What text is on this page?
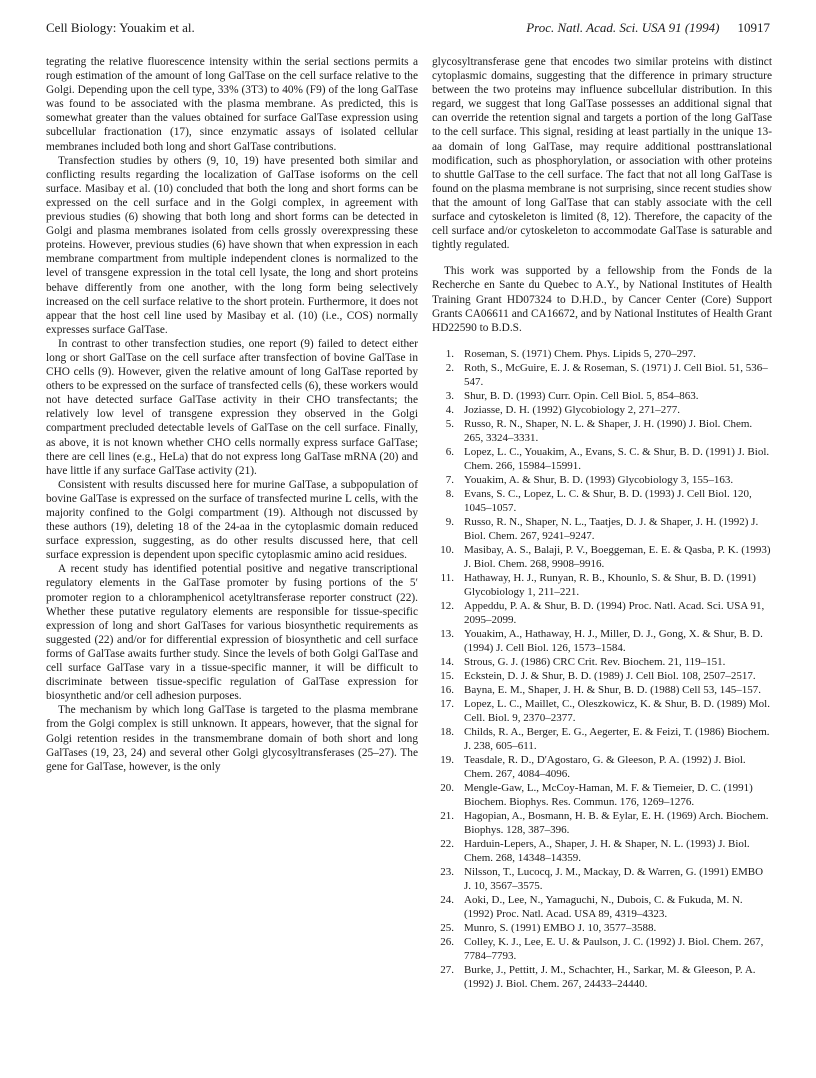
Cell Biology: Youakim et al.	Proc. Natl. Acad. Sci. USA 91 (1994) 10917

tegrating the relative fluorescence intensity within the serial sections permits a rough estimation of the amount of long GalTase on the cell surface relative to the Golgi. Depending upon the cell type, 33% (3T3) to 40% (F9) of the long GalTase was found to be associated with the plasma membrane. As predicted, this is somewhat greater than the values obtained for surface GalTase expression using subcellular fractionation (17), since enzymatic assays of isolated cellular membranes included both long and short GalTase contributions.

Transfection studies by others (9, 10, 19) have presented both similar and conflicting results regarding the localization of GalTase isoforms on the cell surface. Masibay et al. (10) concluded that both the long and short forms can be expressed on the cell surface and in the Golgi complex, in agreement with previous studies (6) showing that both long and short forms can be detected in Golgi and plasma membranes isolated from cells grossly overexpressing these proteins. However, previous studies (6) have shown that when expression in each membrane compartment from multiple independent clones is normalized to the level of transgene expression in the total cell lysate, the long and short proteins behave differently from one another, with the long form being selectively increased on the cell surface relative to the short protein. Furthermore, it does not appear that the host cell line used by Masibay et al. (10) (i.e., COS) normally expresses surface GalTase.

In contrast to other transfection studies, one report (9) failed to detect either long or short GalTase on the cell surface after transfection of bovine GalTase in CHO cells (9). However, given the relative amount of long GalTase reported by others to be expressed on the surface of transfected cells (6), these workers would not have detected surface GalTase activity in their CHO transfectants; the relatively low level of transgene expression they observed in the Golgi compartment precluded detectable levels of GalTase on the cell surface. Finally, as above, it is not known whether CHO cells normally express surface GalTase; there are cell lines (e.g., HeLa) that do not express long GalTase mRNA (20) and have little if any surface GalTase activity (21).

Consistent with results discussed here for murine GalTase, a subpopulation of bovine GalTase is expressed on the surface of transfected murine L cells, with the majority confined to the Golgi compartment (19). Although not discussed by these authors (19), deleting 18 of the 24-aa in the cytoplasmic domain reduced surface expression, suggesting, as do other results discussed here, that cell surface expression is dependent upon specific cytoplasmic amino acid residues.

A recent study has identified potential positive and negative transcriptional regulatory elements in the GalTase promoter by fusing portions of the 5′ promoter region to a chloramphenicol acetyltransferase reporter construct (22). Whether these putative regulatory elements are responsible for tissue-specific expression of long and short GalTases for various biosynthetic requirements as suggested (22) and/or for differential expression of biosynthetic and cell surface forms of GalTase awaits further study. Since the levels of both Golgi GalTase and cell surface GalTase vary in a tissue-specific manner, it will be difficult to discriminate between tissue-specific regulation of GalTase expression for biosynthetic and/or cell adhesion purposes.

The mechanism by which long GalTase is targeted to the plasma membrane from the Golgi complex is still unknown. It appears, however, that the signal for Golgi retention resides in the transmembrane domain of both short and long GalTases (19, 23, 24) and several other Golgi glycosyltransferases (25–27). The gene for GalTase, however, is the only

glycosyltransferase gene that encodes two similar proteins with distinct cytoplasmic domains, suggesting that the difference in primary structure between the two proteins may influence subcellular distribution. In this regard, we suggest that long GalTase possesses an additional signal that can override the retention signal and targets a portion of the long GalTase to the cell surface. This signal, residing at least partially in the unique 13-aa domain of long GalTase, may require additional posttranslational modification, such as phosphorylation, or association with other proteins to shuttle GalTase to the cell surface. The fact that not all long GalTase is found on the plasma membrane is not surprising, since recent studies show that the amount of long GalTase that can stably associate with the cell surface and cytoskeleton is limited (8, 12). Therefore, the capacity of the cell surface and/or cytoskeleton to accommodate GalTase is saturable and tightly regulated.

This work was supported by a fellowship from the Fonds de la Recherche en Sante du Quebec to A.Y., by National Institutes of Health Training Grant HD07324 to D.H.D., by Cancer Center (Core) Support Grants CA06611 and CA16672, and by National Institutes of Health Grant HD22590 to B.D.S.

1. Roseman, S. (1971) Chem. Phys. Lipids 5, 270–297.
2. Roth, S., McGuire, E. J. & Roseman, S. (1971) J. Cell Biol. 51, 536–547.
3. Shur, B. D. (1993) Curr. Opin. Cell Biol. 5, 854–863.
4. Joziasse, D. H. (1992) Glycobiology 2, 271–277.
5. Russo, R. N., Shaper, N. L. & Shaper, J. H. (1990) J. Biol. Chem. 265, 3324–3331.
6. Lopez, L. C., Youakim, A., Evans, S. C. & Shur, B. D. (1991) J. Biol. Chem. 266, 15984–15991.
7. Youakim, A. & Shur, B. D. (1993) Glycobiology 3, 155–163.
8. Evans, S. C., Lopez, L. C. & Shur, B. D. (1993) J. Cell Biol. 120, 1045–1057.
9. Russo, R. N., Shaper, N. L., Taatjes, D. J. & Shaper, J. H. (1992) J. Biol. Chem. 267, 9241–9247.
10. Masibay, A. S., Balaji, P. V., Boeggeman, E. E. & Qasba, P. K. (1993) J. Biol. Chem. 268, 9908–9916.
11. Hathaway, H. J., Runyan, R. B., Khounlo, S. & Shur, B. D. (1991) Glycobiology 1, 211–221.
12. Appeddu, P. A. & Shur, B. D. (1994) Proc. Natl. Acad. Sci. USA 91, 2095–2099.
13. Youakim, A., Hathaway, H. J., Miller, D. J., Gong, X. & Shur, B. D. (1994) J. Cell Biol. 126, 1573–1584.
14. Strous, G. J. (1986) CRC Crit. Rev. Biochem. 21, 119–151.
15. Eckstein, D. J. & Shur, B. D. (1989) J. Cell Biol. 108, 2507–2517.
16. Bayna, E. M., Shaper, J. H. & Shur, B. D. (1988) Cell 53, 145–157.
17. Lopez, L. C., Maillet, C., Oleszkowicz, K. & Shur, B. D. (1989) Mol. Cell. Biol. 9, 2370–2377.
18. Childs, R. A., Berger, E. G., Aegerter, E. & Feizi, T. (1986) Biochem. J. 238, 605–611.
19. Teasdale, R. D., D'Agostaro, G. & Gleeson, P. A. (1992) J. Biol. Chem. 267, 4084–4096.
20. Mengle-Gaw, L., McCoy-Haman, M. F. & Tiemeier, D. C. (1991) Biochem. Biophys. Res. Commun. 176, 1269–1276.
21. Hagopian, A., Bosmann, H. B. & Eylar, E. H. (1969) Arch. Biochem. Biophys. 128, 387–396.
22. Harduin-Lepers, A., Shaper, J. H. & Shaper, N. L. (1993) J. Biol. Chem. 268, 14348–14359.
23. Nilsson, T., Lucocq, J. M., Mackay, D. & Warren, G. (1991) EMBO J. 10, 3567–3575.
24. Aoki, D., Lee, N., Yamaguchi, N., Dubois, C. & Fukuda, M. N. (1992) Proc. Natl. Acad. USA 89, 4319–4323.
25. Munro, S. (1991) EMBO J. 10, 3577–3588.
26. Colley, K. J., Lee, E. U. & Paulson, J. C. (1992) J. Biol. Chem. 267, 7784–7793.
27. Burke, J., Pettitt, J. M., Schachter, H., Sarkar, M. & Gleeson, P. A. (1992) J. Biol. Chem. 267, 24433–24440.
